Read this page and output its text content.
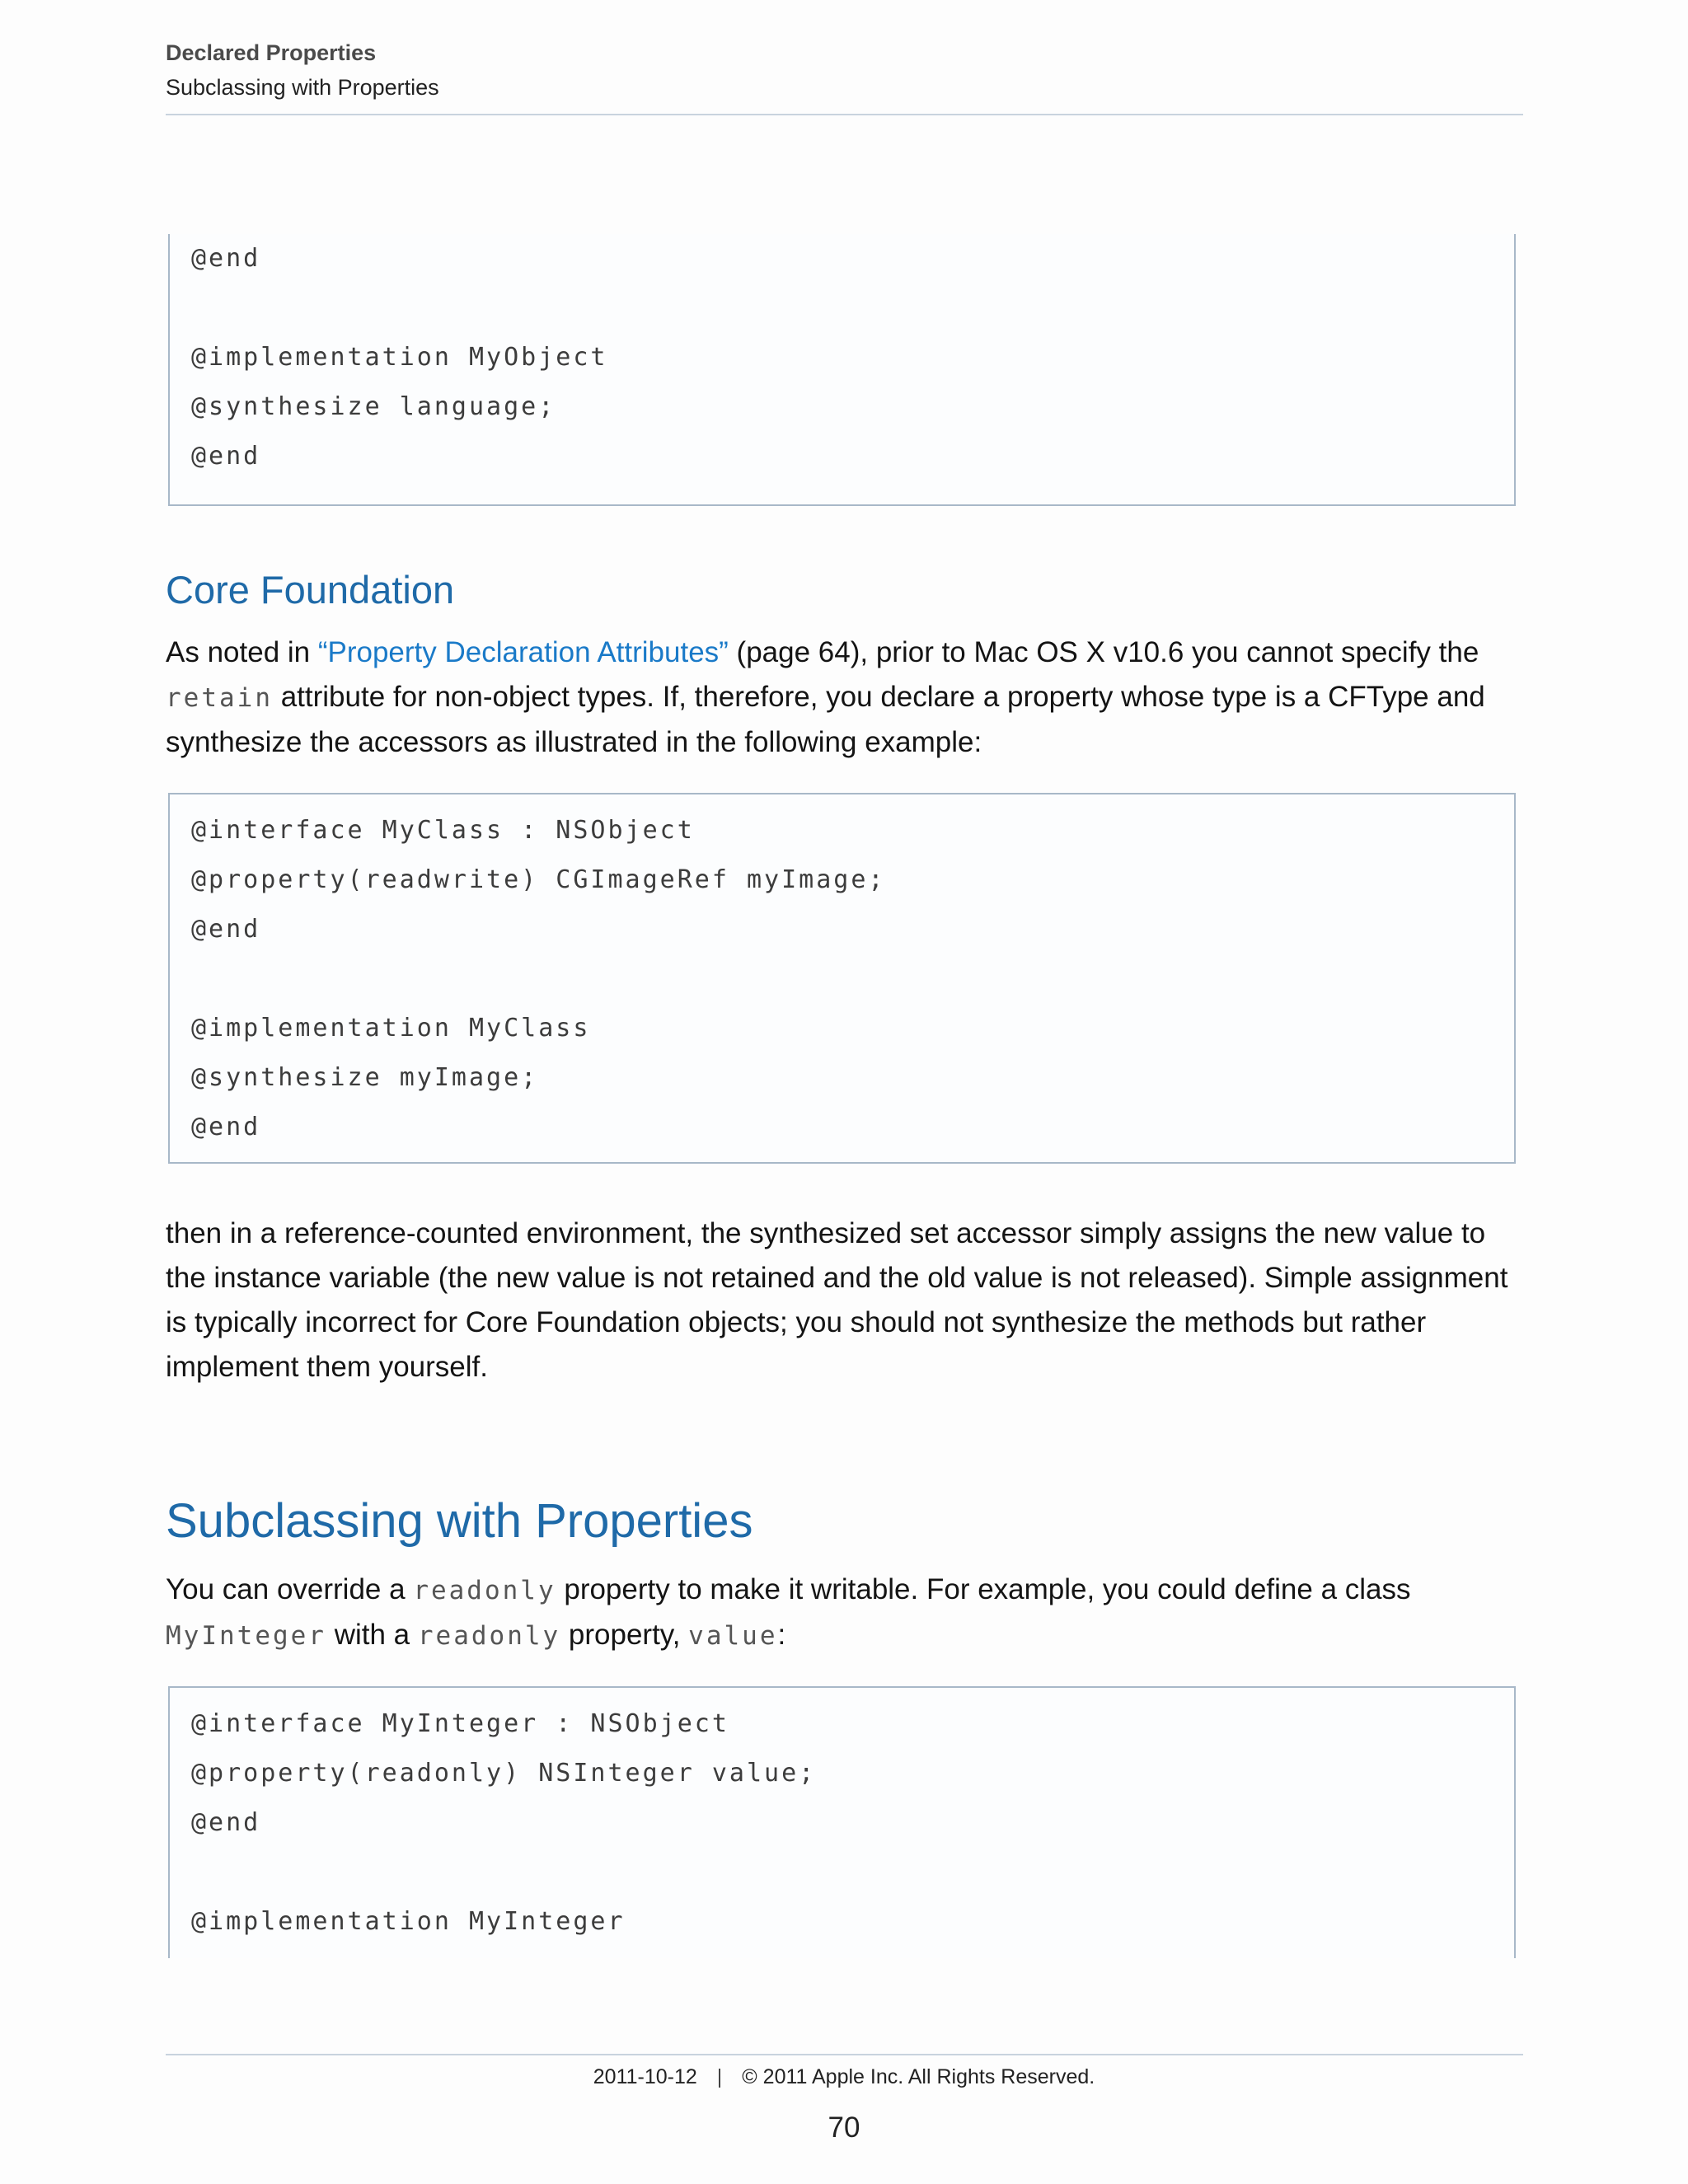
Declared Properties
Subclassing with Properties
@end
@implementation MyObject
@synthesize language;
@end
Core Foundation
As noted in “Property Declaration Attributes” (page 64), prior to Mac OS X v10.6 you cannot specify the retain attribute for non-object types. If, therefore, you declare a property whose type is a CFType and synthesize the accessors as illustrated in the following example:
@interface MyClass : NSObject
@property(readwrite) CGImageRef myImage;
@end
@implementation MyClass
@synthesize myImage;
@end
then in a reference-counted environment, the synthesized set accessor simply assigns the new value to the instance variable (the new value is not retained and the old value is not released). Simple assignment is typically incorrect for Core Foundation objects; you should not synthesize the methods but rather implement them yourself.
Subclassing with Properties
You can override a readonly property to make it writable. For example, you could define a class MyInteger with a readonly property, value:
@interface MyInteger : NSObject
@property(readonly) NSInteger value;
@end
@implementation MyInteger
2011-10-12 | © 2011 Apple Inc. All Rights Reserved.
70
